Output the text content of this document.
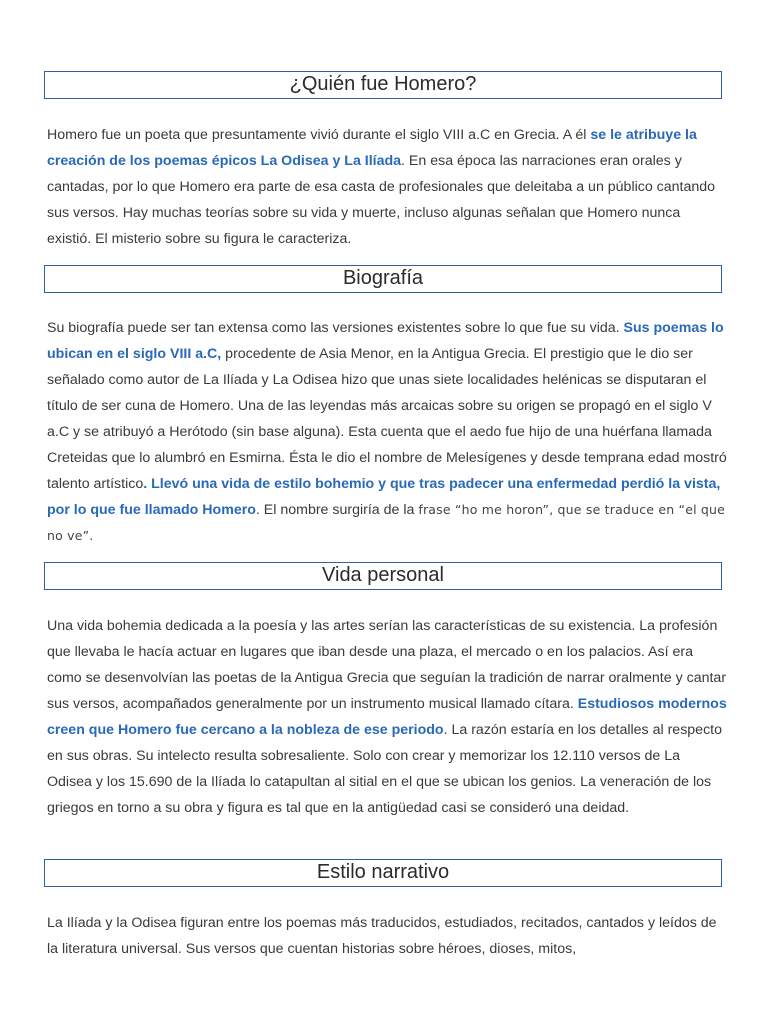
¿Quién fue Homero?

Homero fue un poeta que presuntamente vivió durante el siglo VIII a.C en Grecia. A él se le atribuye la creación de los poemas épicos La Odisea y La Ilíada. En esa época las narraciones eran orales y cantadas, por lo que Homero era parte de esa casta de profesionales que deleitaba a un público cantando sus versos. Hay muchas teorías sobre su vida y muerte, incluso algunas señalan que Homero nunca existió. El misterio sobre su figura le caracteriza.

Biografía

Su biografía puede ser tan extensa como las versiones existentes sobre lo que fue su vida. Sus poemas lo ubican en el siglo VIII a.C, procedente de Asia Menor, en la Antigua Grecia. El prestigio que le dio ser señalado como autor de La Ilíada y La Odisea hizo que unas siete localidades helénicas se disputaran el título de ser cuna de Homero. Una de las leyendas más arcaicas sobre su origen se propagó en el siglo V a.C y se atribuyó a Herótodo (sin base alguna). Esta cuenta que el aedo fue hijo de una huérfana llamada Creteidas que lo alumbró en Esmirna. Ésta le dio el nombre de Melesígenes y desde temprana edad mostró talento artístico. Llevó una vida de estilo bohemio y que tras padecer una enfermedad perdió la vista, por lo que fue llamado Homero. El nombre surgiría de la frase “ho me horon”, que se traduce en “el que no ve”.

Vida personal

Una vida bohemia dedicada a la poesía y las artes serían las características de su existencia. La profesión que llevaba le hacía actuar en lugares que iban desde una plaza, el mercado o en los palacios. Así era como se desenvolvían las poetas de la Antigua Grecia que seguían la tradición de narrar oralmente y cantar sus versos, acompañados generalmente por un instrumento musical llamado cítara. Estudiosos modernos creen que Homero fue cercano a la nobleza de ese periodo. La razón estaría en los detalles al respecto en sus obras. Su intelecto resulta sobresaliente. Solo con crear y memorizar los 12.110 versos de La Odisea y los 15.690 de la Ilíada lo catapultan al sitial en el que se ubican los genios. La veneración de los griegos en torno a su obra y figura es tal que en la antigüedad casi se consideró una deidad.

Estilo narrativo

La Ilíada y la Odisea figuran entre los poemas más traducidos, estudiados, recitados, cantados y leídos de la literatura universal. Sus versos que cuentan historias sobre héroes, dioses, mitos,
